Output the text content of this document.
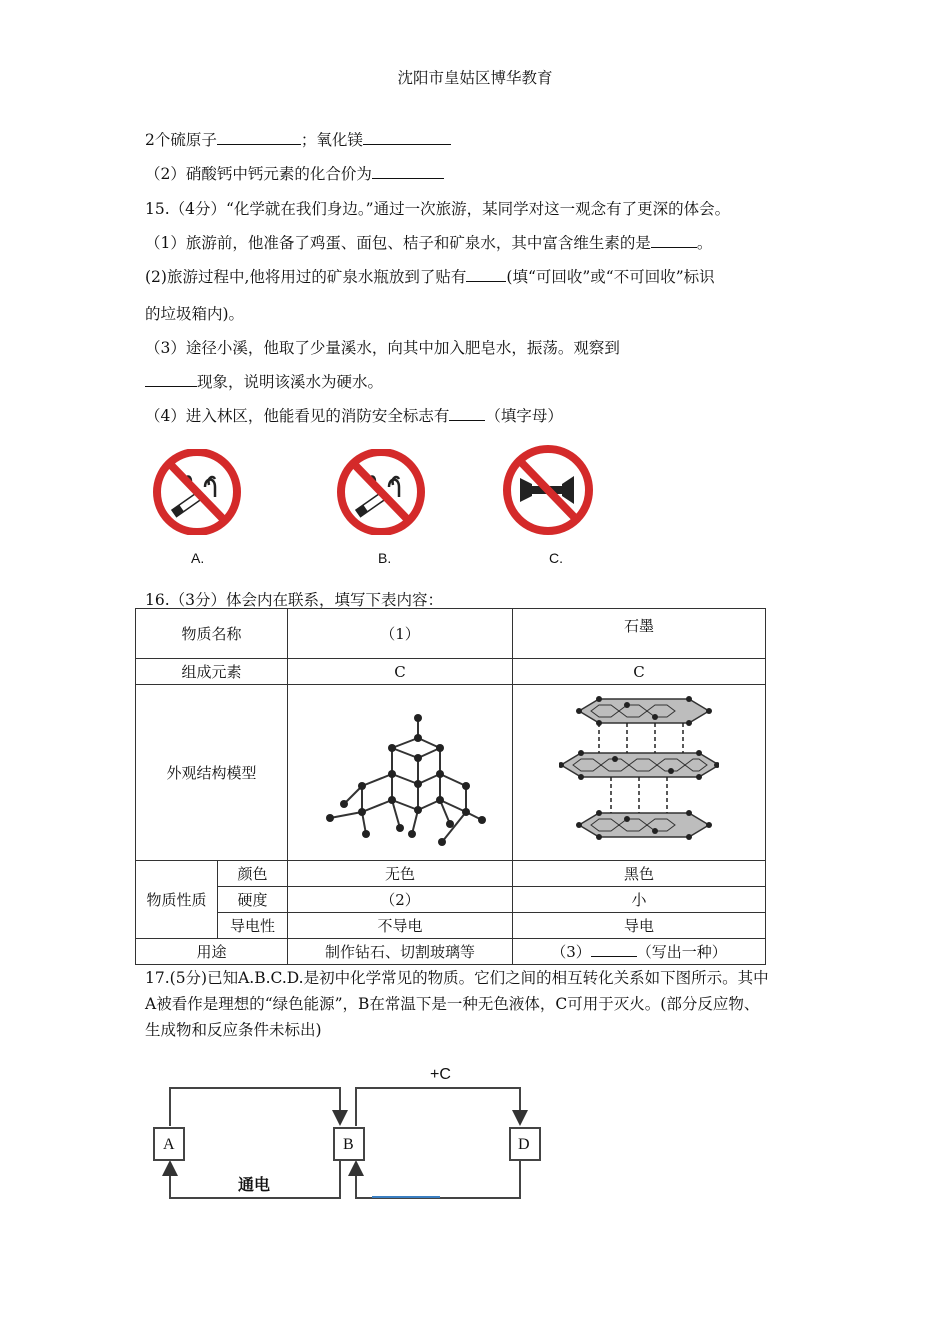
沈阳市皇姑区博华教育
2个硫原子	；氧化镁
（2）硝酸钙中钙元素的化合价为
15.（4分）“化学就在我们身边。”通过一次旅游，某同学对这一观念有了更深的体会。
（1）旅游前，他准备了鸡蛋、面包、桔子和矿泉水，其中富含维生素的是	。
(2)旅游过程中,他将用过的矿泉水瓶放到了贴有	(填“可回收”或“不可回收”标识
的垃圾箱内)。
（3）途径小溪，他取了少量溪水，向其中加入肥皂水，振荡。观察到
现象，说明该溪水为硬水。
（4）进入林区，他能看见的消防安全标志有 （填字母）
A.	B.	C.
16.（3分）体会内在联系，填写下表内容：
物质名称		（1）	石墨
组成元素		C	C
外观结构模型		
物质性质	颜色	无色	黑色
	硬度	（2）	小
	导电性	不导电	导电
用途		制作钻石、切割玻璃等	（3） （写出一种）
17.(5分)已知A.B.C.D.是初中化学常见的物质。它们之间的相互转化关系如下图所示。其中
A被看作是理想的“绿色能源”，B在常温下是一种无色液体，C可用于灭火。(部分反应物、
生成物和反应条件未标出)
A	B	D
+C
通电
